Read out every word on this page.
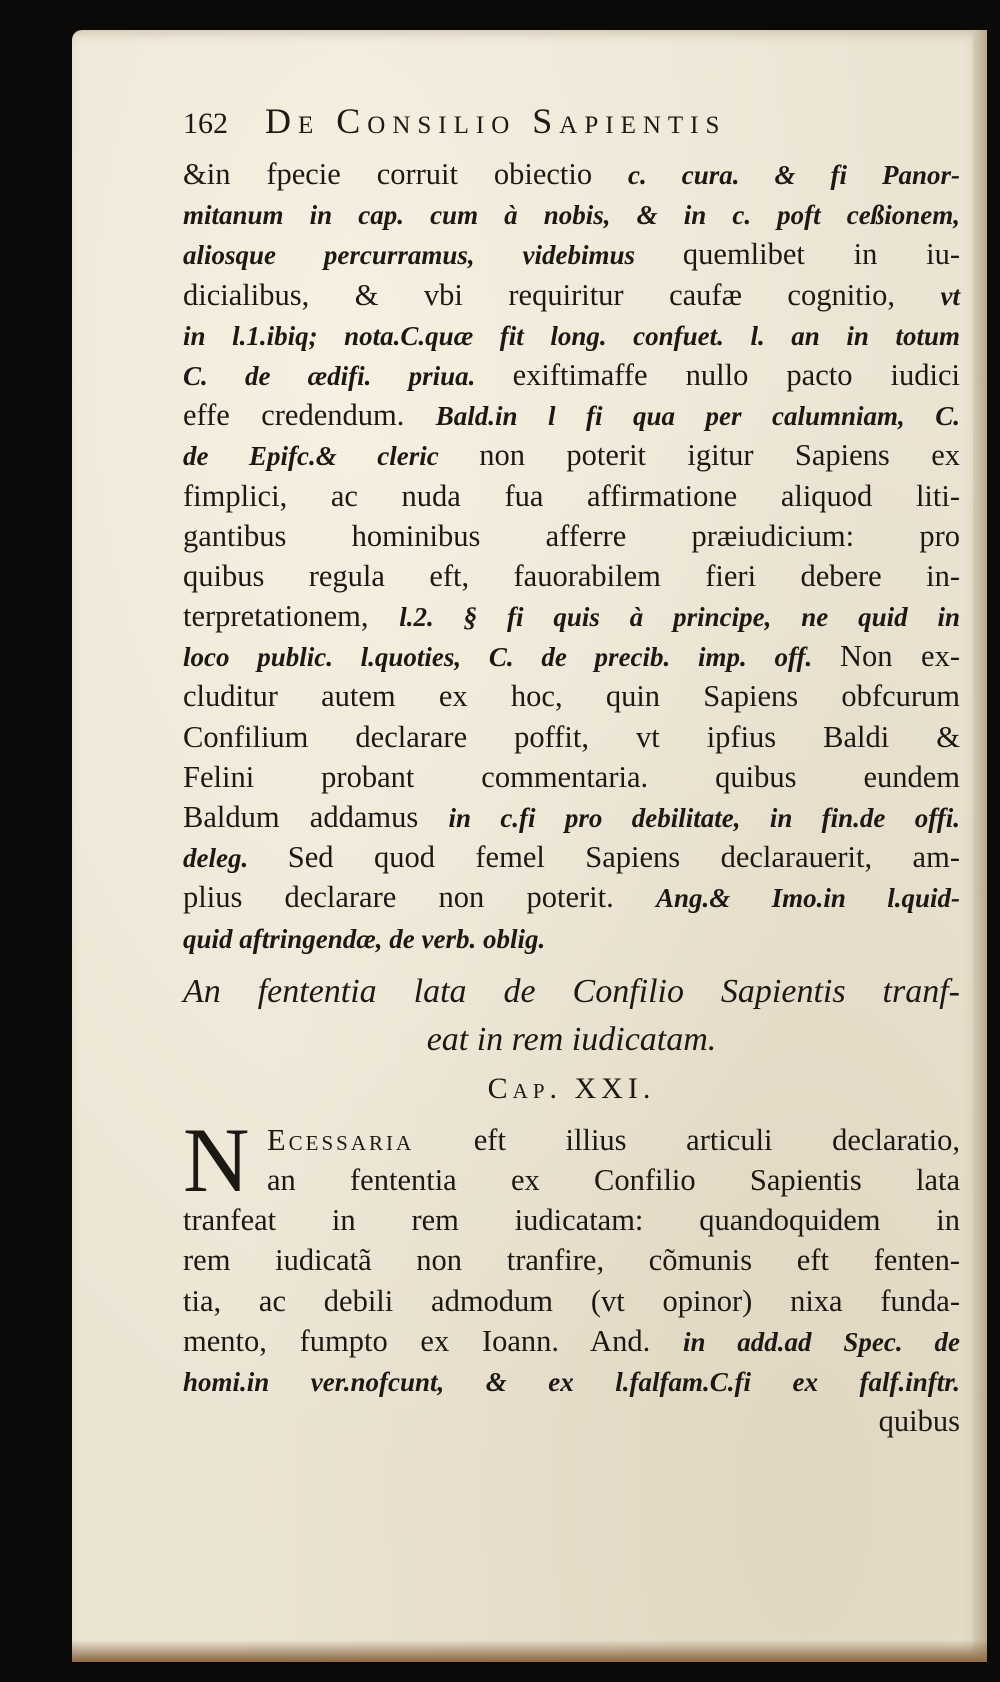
162	De Consilio Sapientis
&in fpecie corruit obiectio c. cura. & fi Panor-
mitanum in cap. cum à nobis, & in c. poft ceßionem,
aliosque percurramus, videbimus quemlibet in iu-
dicialibus, & vbi requiritur caufæ cognitio, vt
in l.1.ibiq; nota.C.quæ fit long. confuet. l. an in totum
C. de ædifi. priua. exiftimaffe nullo pacto iudici
effe credendum. Bald.in l fi qua per calumniam, C.
de Epifc.& cleric non poterit igitur Sapiens ex
fimplici, ac nuda fua affirmatione aliquod liti-
gantibus hominibus afferre præiudicium: pro
quibus regula eft, fauorabilem fieri debere in-
terpretationem, l.2. § fi quis à principe, ne quid in
loco public. l.quoties, C. de precib. imp. off. Non ex-
cluditur autem ex hoc, quin Sapiens obfcurum
Confilium declarare poffit, vt ipfius Baldi &
Felini probant commentaria. quibus eundem
Baldum addamus in c.fi pro debilitate, in fin.de offi.
deleg. Sed quod femel Sapiens declarauerit, am-
plius declarare non poterit. Ang.& Imo.in l.quid-
quid aftringendæ, de verb. oblig.
An fententia lata de Confilio Sapientis tranf-
eat in rem iudicatam.
Cap. XXI.
N Ecessaria eft illius articuli declaratio,
an fententia ex Confilio Sapientis lata
tranfeat in rem iudicatam: quandoquidem in
rem iudicatã non tranfire, cõmunis eft fenten-
tia, ac debili admodum (vt opinor) nixa funda-
mento, fumpto ex Ioann. And. in add.ad Spec. de
homi.in ver.nofcunt, & ex l.falfam.C.fi ex falf.inftr.
quibus
